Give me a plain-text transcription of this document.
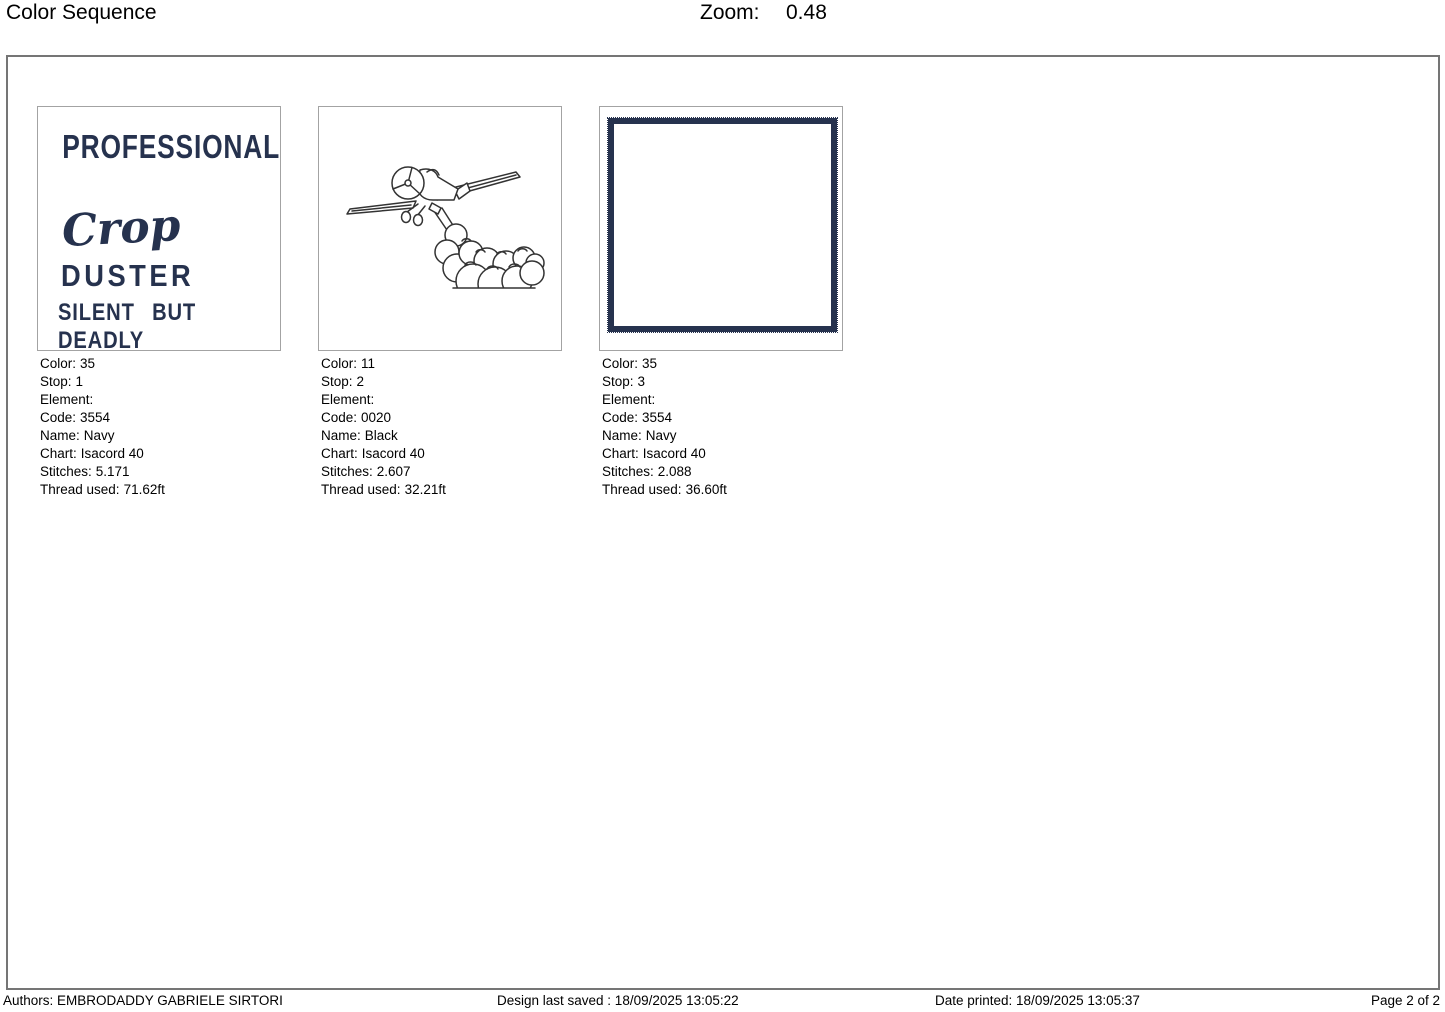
Color Sequence	Zoom: 0.48
PROFESSIONAL
Crop
DUSTER
SILENT BUT DEADLY
Color: 35
Stop: 1
Element:
Code: 3554
Name: Navy
Chart: Isacord 40
Stitches: 5.171
Thread used: 71.62ft
Color: 11
Stop: 2
Element:
Code: 0020
Name: Black
Chart: Isacord 40
Stitches: 2.607
Thread used: 32.21ft
Color: 35
Stop: 3
Element:
Code: 3554
Name: Navy
Chart: Isacord 40
Stitches: 2.088
Thread used: 36.60ft
Authors: EMBRODADDY GABRIELE SIRTORI	Design last saved : 18/09/2025 13:05:22	Date printed: 18/09/2025 13:05:37	Page 2 of 2
